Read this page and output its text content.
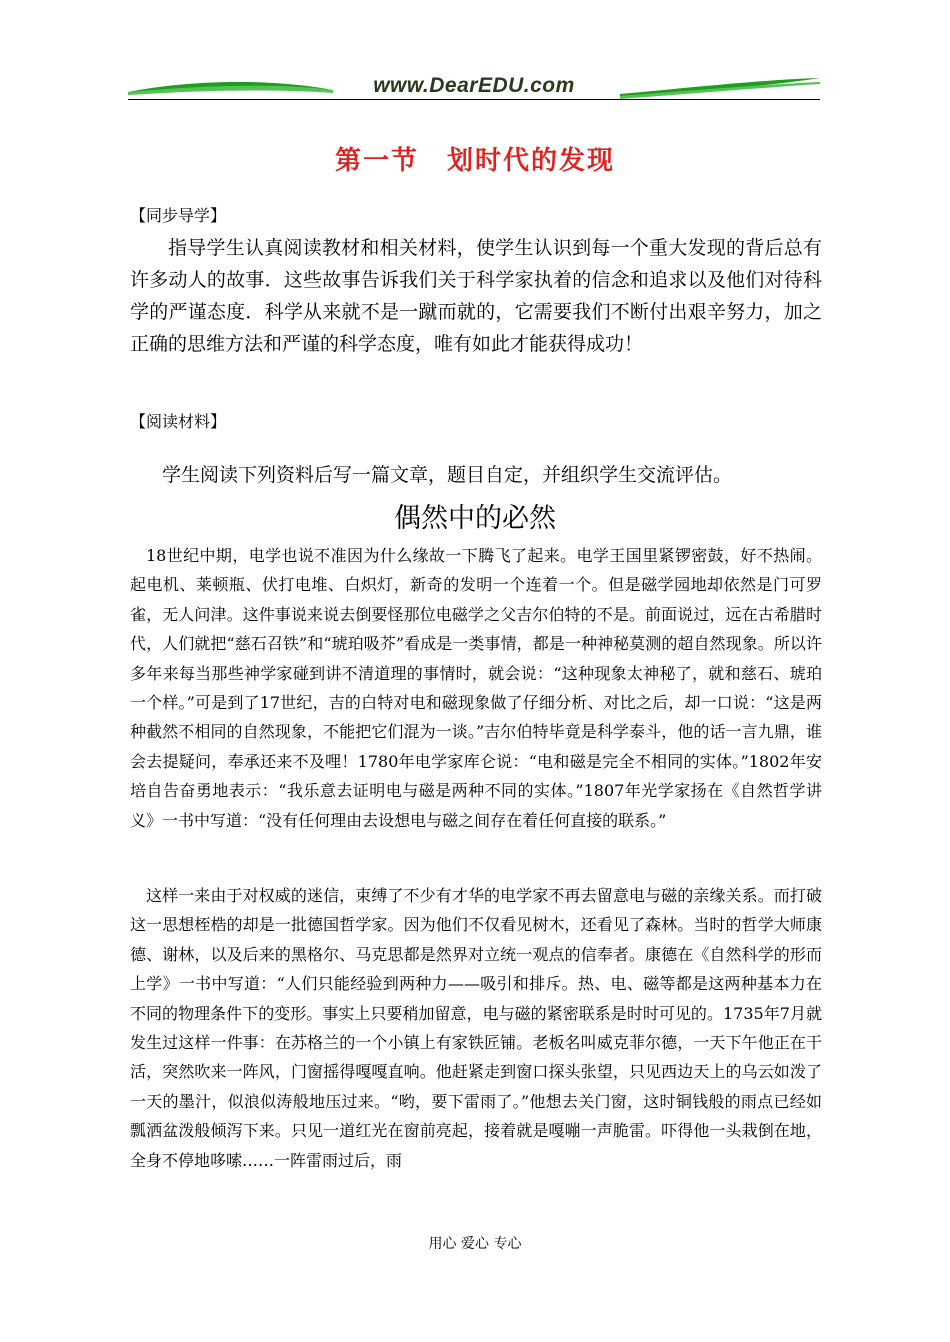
www.DearEDU.com
第一节　划时代的发现
【同步导学】
指导学生认真阅读教材和相关材料，使学生认识到每一个重大发现的背后总有许多动人的故事．这些故事告诉我们关于科学家执着的信念和追求以及他们对待科学的严谨态度．科学从来就不是一蹴而就的，它需要我们不断付出艰辛努力，加之正确的思维方法和严谨的科学态度，唯有如此才能获得成功！
【阅读材料】
学生阅读下列资料后写一篇文章，题目自定，并组织学生交流评估。
偶然中的必然
18世纪中期，电学也说不准因为什么缘故一下腾飞了起来。电学王国里紧锣密鼓，好不热闹。起电机、莱顿瓶、伏打电堆、白炽灯，新奇的发明一个连着一个。但是磁学园地却依然是门可罗雀，无人问津。这件事说来说去倒要怪那位电磁学之父吉尔伯特的不是。前面说过，远在古希腊时代，人们就把“慈石召铁”和“琥珀吸芥”看成是一类事情，都是一种神秘莫测的超自然现象。所以许多年来每当那些神学家碰到讲不清道理的事情时，就会说：“这种现象太神秘了，就和慈石、琥珀一个样。”可是到了17世纪，吉的白特对电和磁现象做了仔细分析、对比之后，却一口说：“这是两种截然不相同的自然现象，不能把它们混为一谈。”吉尔伯特毕竟是科学泰斗，他的话一言九鼎，谁会去提疑问，奉承还来不及哩！1780年电学家库仑说：“电和磁是完全不相同的实体。”1802年安培自告奋勇地表示：“我乐意去证明电与磁是两种不同的实体。”1807年光学家扬在《自然哲学讲义》一书中写道：“没有任何理由去设想电与磁之间存在着任何直接的联系。”
这样一来由于对权威的迷信，束缚了不少有才华的电学家不再去留意电与磁的亲缘关系。而打破这一思想桎梏的却是一批德国哲学家。因为他们不仅看见树木，还看见了森林。当时的哲学大师康德、谢林，以及后来的黑格尔、马克思都是然界对立统一观点的信奉者。康德在《自然科学的形而上学》一书中写道：“人们只能经验到两种力——吸引和排斥。热、电、磁等都是这两种基本力在不同的物理条件下的变形。事实上只要稍加留意，电与磁的紧密联系是时时可见的。1735年7月就发生过这样一件事：在苏格兰的一个小镇上有家铁匠铺。老板名叫威克菲尔德，一天下午他正在干活，突然吹来一阵风，门窗摇得嘎嘎直响。他赶紧走到窗口探头张望，只见西边天上的乌云如泼了一天的墨汁，似浪似涛般地压过来。“哟，要下雷雨了。”他想去关门窗，这时铜钱般的雨点已经如 瓢洒盆泼般倾泻下来。只见一道红光在窗前亮起，接着就是嘎嘣一声脆雷。吓得他一头栽倒在地，全身不停地哆嗦……一阵雷雨过后，雨
用心 爱心 专心
